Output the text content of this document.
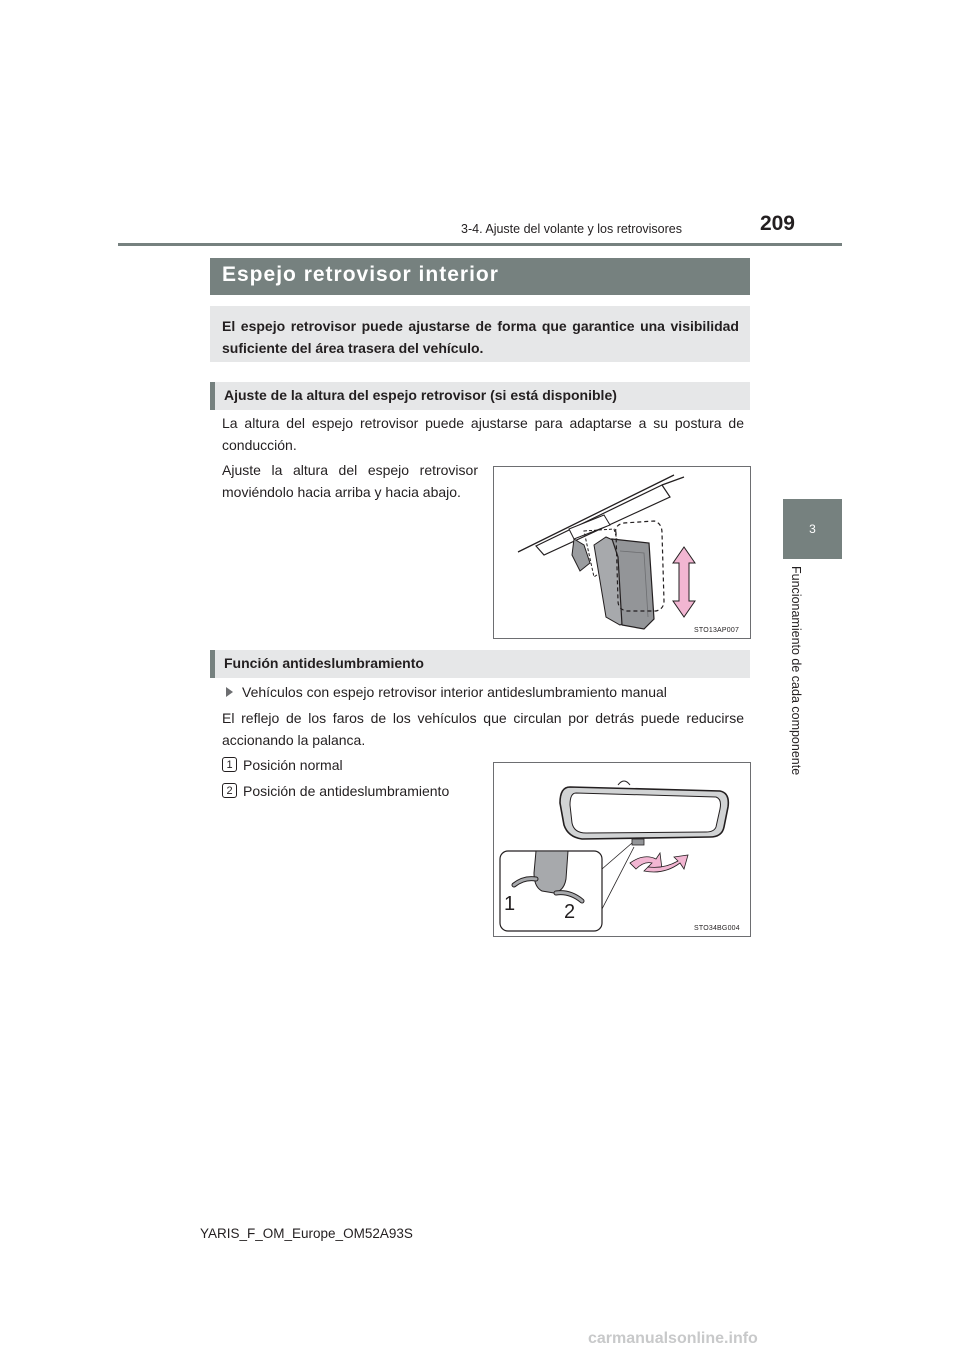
3-4. Ajuste del volante y los retrovisores	209
3
Funcionamiento de cada componente
Espejo retrovisor interior
El espejo retrovisor puede ajustarse de forma que garantice una visibilidad suficiente del área trasera del vehículo.
Ajuste de la altura del espejo retrovisor (si está disponible)
La altura del espejo retrovisor puede ajustarse para adaptarse a su postura de conducción.
Ajuste la altura del espejo retrovisor moviéndolo hacia arriba y hacia abajo.
STO13AP007
Función antideslumbramiento
Vehículos con espejo retrovisor interior antideslumbramiento manual
El reflejo de los faros de los vehículos que circulan por detrás puede reducirse accionando la palanca.
1 Posición normal
2 Posición de antideslumbramiento
1 2
STO34BG004
YARIS_F_OM_Europe_OM52A93S
carmanualsonline.info
